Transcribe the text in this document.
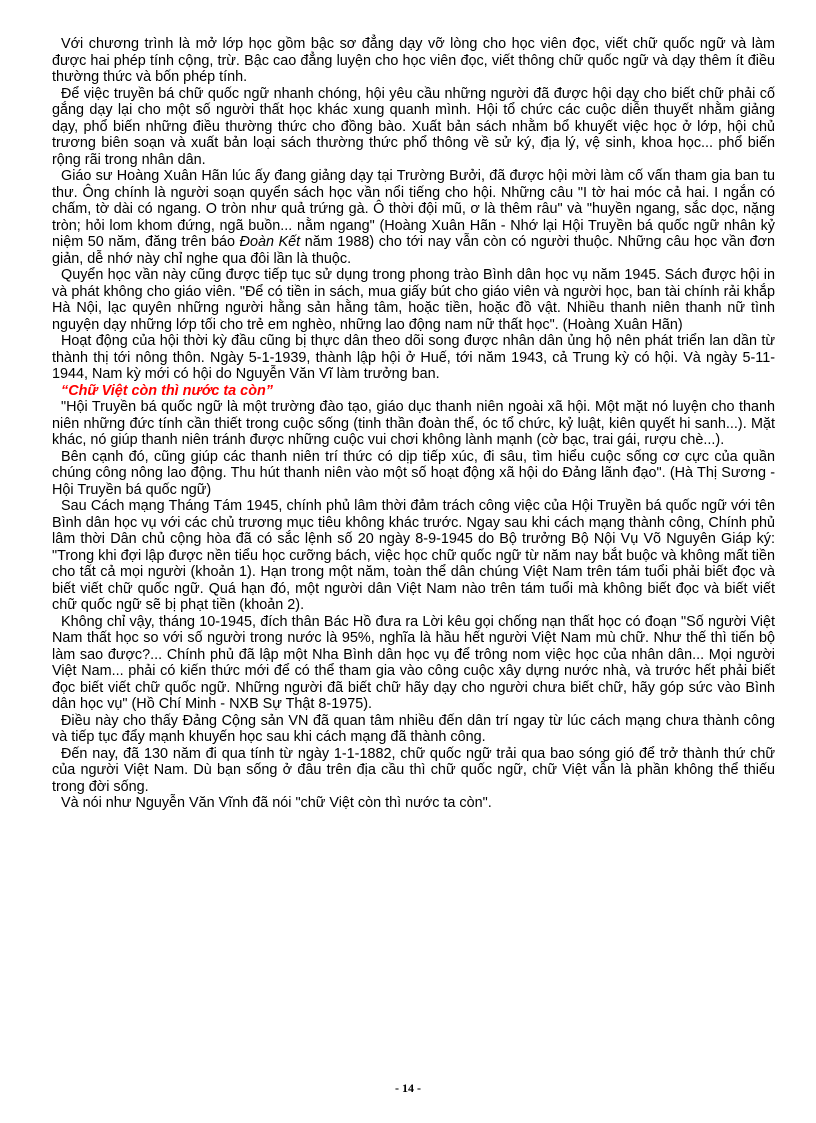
Với chương trình là mở lớp học gồm bậc sơ đẳng dạy vỡ lòng cho học viên đọc, viết chữ quốc ngữ và làm được hai phép tính cộng, trừ. Bậc cao đẳng luyện cho học viên đọc, viết thông chữ quốc ngữ và dạy thêm ít điều thường thức và bốn phép tính.

Để việc truyền bá chữ quốc ngữ nhanh chóng, hội yêu cầu những người đã được hội dạy cho biết chữ phải cố gắng dạy lại cho một số người thất học khác xung quanh mình. Hội tổ chức các cuộc diễn thuyết nhằm giảng dạy, phổ biến những điều thường thức cho đồng bào. Xuất bản sách nhằm bổ khuyết việc học ở lớp, hội chủ trương biên soạn và xuất bản loại sách thường thức phổ thông về sử ký, địa lý, vệ sinh, khoa học... phổ biến rộng rãi trong nhân dân.

Giáo sư Hoàng Xuân Hãn lúc ấy đang giảng dạy tại Trường Bưởi, đã được hội mời làm cố vấn tham gia ban tu thư. Ông chính là người soạn quyển sách học vần nổi tiếng cho hội. Những câu "I tờ hai móc cả hai. I ngắn có chấm, tờ dài có ngang. O tròn như quả trứng gà. Ô thời đội mũ, ơ là thêm râu" và "huyền ngang, sắc dọc, nặng tròn; hỏi lom khom đứng, ngã buồn... nằm ngang" (Hoàng Xuân Hãn - Nhớ lại Hội Truyền bá quốc ngữ nhân kỷ niệm 50 năm, đăng trên báo Đoàn Kết năm 1988) cho tới nay vẫn còn có người thuộc. Những câu học vần đơn giản, dễ nhớ này chỉ nghe qua đôi lần là thuộc.

Quyển học vần này cũng được tiếp tục sử dụng trong phong trào Bình dân học vụ năm 1945. Sách được hội in và phát không cho giáo viên. "Để có tiền in sách, mua giấy bút cho giáo viên và người học, ban tài chính rải khắp Hà Nội, lạc quyên những người hằng sản hằng tâm, hoặc tiền, hoặc đồ vật. Nhiều thanh niên thanh nữ tình nguyện dạy những lớp tối cho trẻ em nghèo, những lao động nam nữ thất học". (Hoàng Xuân Hãn)

Hoạt động của hội thời kỳ đầu cũng bị thực dân theo dõi song được nhân dân ủng hộ nên phát triển lan dần từ thành thị tới nông thôn. Ngày 5-1-1939, thành lập hội ở Huế, tới năm 1943, cả Trung kỳ có hội. Và ngày 5-11-1944, Nam kỳ mới có hội do Nguyễn Văn Vĩ làm trưởng ban.

“Chữ Việt còn thì nước ta còn”

"Hội Truyền bá quốc ngữ là một trường đào tạo, giáo dục thanh niên ngoài xã hội. Một mặt nó luyện cho thanh niên những đức tính cần thiết trong cuộc sống (tinh thần đoàn thể, óc tổ chức, kỷ luật, kiên quyết hi sanh...). Mặt khác, nó giúp thanh niên tránh được những cuộc vui chơi không lành mạnh (cờ bạc, trai gái, rượu chè...).

Bên cạnh đó, cũng giúp các thanh niên trí thức có dịp tiếp xúc, đi sâu, tìm hiểu cuộc sống cơ cực của quần chúng công nông lao động. Thu hút thanh niên vào một số hoạt động xã hội do Đảng lãnh đạo". (Hà Thị Sương - Hội Truyền bá quốc ngữ)

Sau Cách mạng Tháng Tám 1945, chính phủ lâm thời đảm trách công việc của Hội Truyền bá quốc ngữ với tên Bình dân học vụ với các chủ trương mục tiêu không khác trước. Ngay sau khi cách mạng thành công, Chính phủ lâm thời Dân chủ cộng hòa đã có sắc lệnh số 20 ngày 8-9-1945 do Bộ trưởng Bộ Nội Vụ Võ Nguyên Giáp ký: "Trong khi đợi lập được nền tiểu học cưỡng bách, việc học chữ quốc ngữ từ năm nay bắt buộc và không mất tiền cho tất cả mọi người (khoản 1). Hạn trong một năm, toàn thể dân chúng Việt Nam trên tám tuổi phải biết đọc và biết viết chữ quốc ngữ. Quá hạn đó, một người dân Việt Nam nào trên tám tuổi mà không biết đọc và biết viết chữ quốc ngữ sẽ bị phạt tiền (khoản 2).

Không chỉ vậy, tháng 10-1945, đích thân Bác Hồ đưa ra Lời kêu gọi chống nạn thất học có đoạn "Số người Việt Nam thất học so với số người trong nước là 95%, nghĩa là hầu hết người Việt Nam mù chữ. Như thế thì tiến bộ làm sao được?... Chính phủ đã lập một Nha Bình dân học vụ để trông nom việc học của nhân dân... Mọi người Việt Nam... phải có kiến thức mới để có thể tham gia vào công cuộc xây dựng nước nhà, và trước hết phải biết đọc biết viết chữ quốc ngữ. Những người đã biết chữ hãy dạy cho người chưa biết chữ, hãy góp sức vào Bình dân học vụ" (Hồ Chí Minh - NXB Sự Thật 8-1975).

Điều này cho thấy Đảng Cộng sản VN đã quan tâm nhiều đến dân trí ngay từ lúc cách mạng chưa thành công và tiếp tục đẩy mạnh khuyến học sau khi cách mạng đã thành công.

Đến nay, đã 130 năm đi qua tính từ ngày 1-1-1882, chữ quốc ngữ trải qua bao sóng gió để trở thành thứ chữ của người Việt Nam. Dù bạn sống ở đâu trên địa cầu thì chữ quốc ngữ, chữ Việt vẫn là phần không thể thiếu trong đời sống.

Và nói như Nguyễn Văn Vĩnh đã nói "chữ Việt còn thì nước ta còn".

- 14 -
